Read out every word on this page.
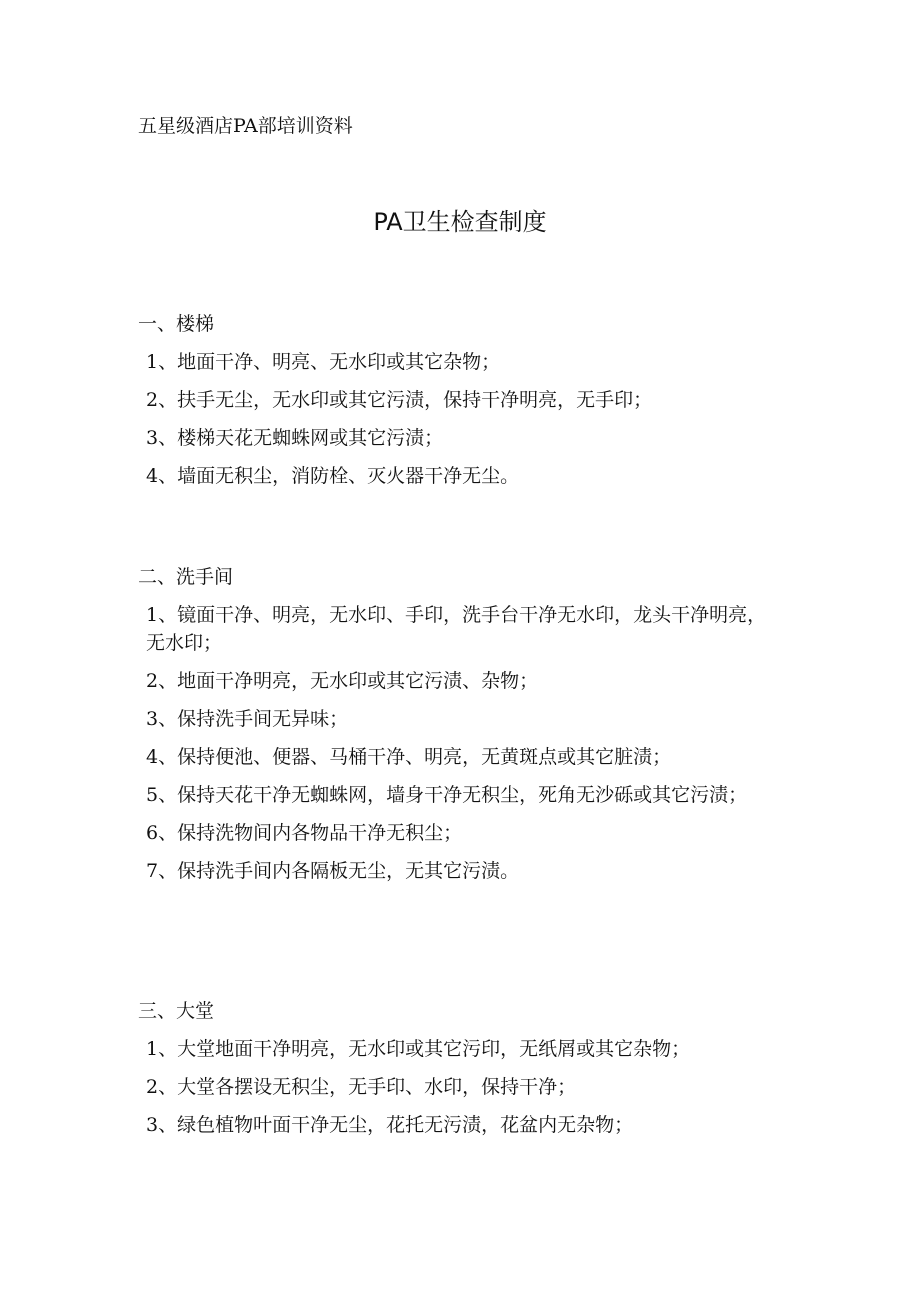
五星级酒店PA部培训资料
PA卫生检查制度
一、楼梯
1、地面干净、明亮、无水印或其它杂物；
2、扶手无尘，无水印或其它污渍，保持干净明亮，无手印；
3、楼梯天花无蜘蛛网或其它污渍；
4、墙面无积尘，消防栓、灭火器干净无尘。
二、洗手间
1、镜面干净、明亮，无水印、手印，洗手台干净无水印，龙头干净明亮，无水印；
2、地面干净明亮，无水印或其它污渍、杂物；
3、保持洗手间无异味；
4、保持便池、便器、马桶干净、明亮，无黄斑点或其它脏渍；
5、保持天花干净无蜘蛛网，墙身干净无积尘，死角无沙砾或其它污渍；
6、保持洗物间内各物品干净无积尘；
7、保持洗手间内各隔板无尘，无其它污渍。
三、大堂
1、大堂地面干净明亮，无水印或其它污印，无纸屑或其它杂物；
2、大堂各摆设无积尘，无手印、水印，保持干净；
3、绿色植物叶面干净无尘，花托无污渍，花盆内无杂物；
